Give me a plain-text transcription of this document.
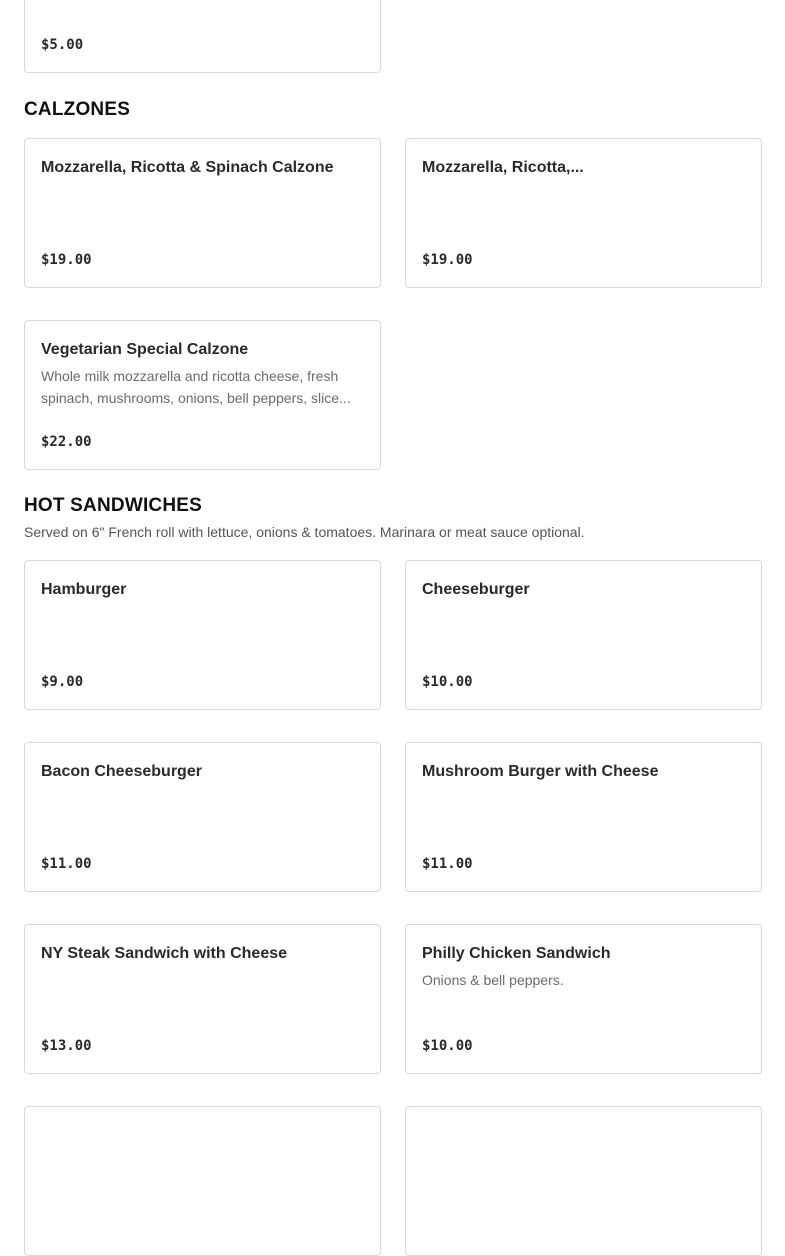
$5.00
CALZONES
Mozzarella, Ricotta & Spinach Calzone
$19.00
Mozzarella, Ricotta,...
$19.00
Vegetarian Special Calzone
Whole milk mozzarella and ricotta cheese, fresh spinach, mushrooms, onions, bell peppers, slice...
$22.00
HOT SANDWICHES

Served on 6" French roll with lettuce, onions & tomatoes. Marinara or meat sauce optional.

Hamburger
$9.00
Cheeseburger
$10.00
Bacon Cheeseburger
$11.00
Mushroom Burger with Cheese
$11.00
NY Steak Sandwich with Cheese
$13.00
Philly Chicken Sandwich
Onions & bell peppers.
$10.00
